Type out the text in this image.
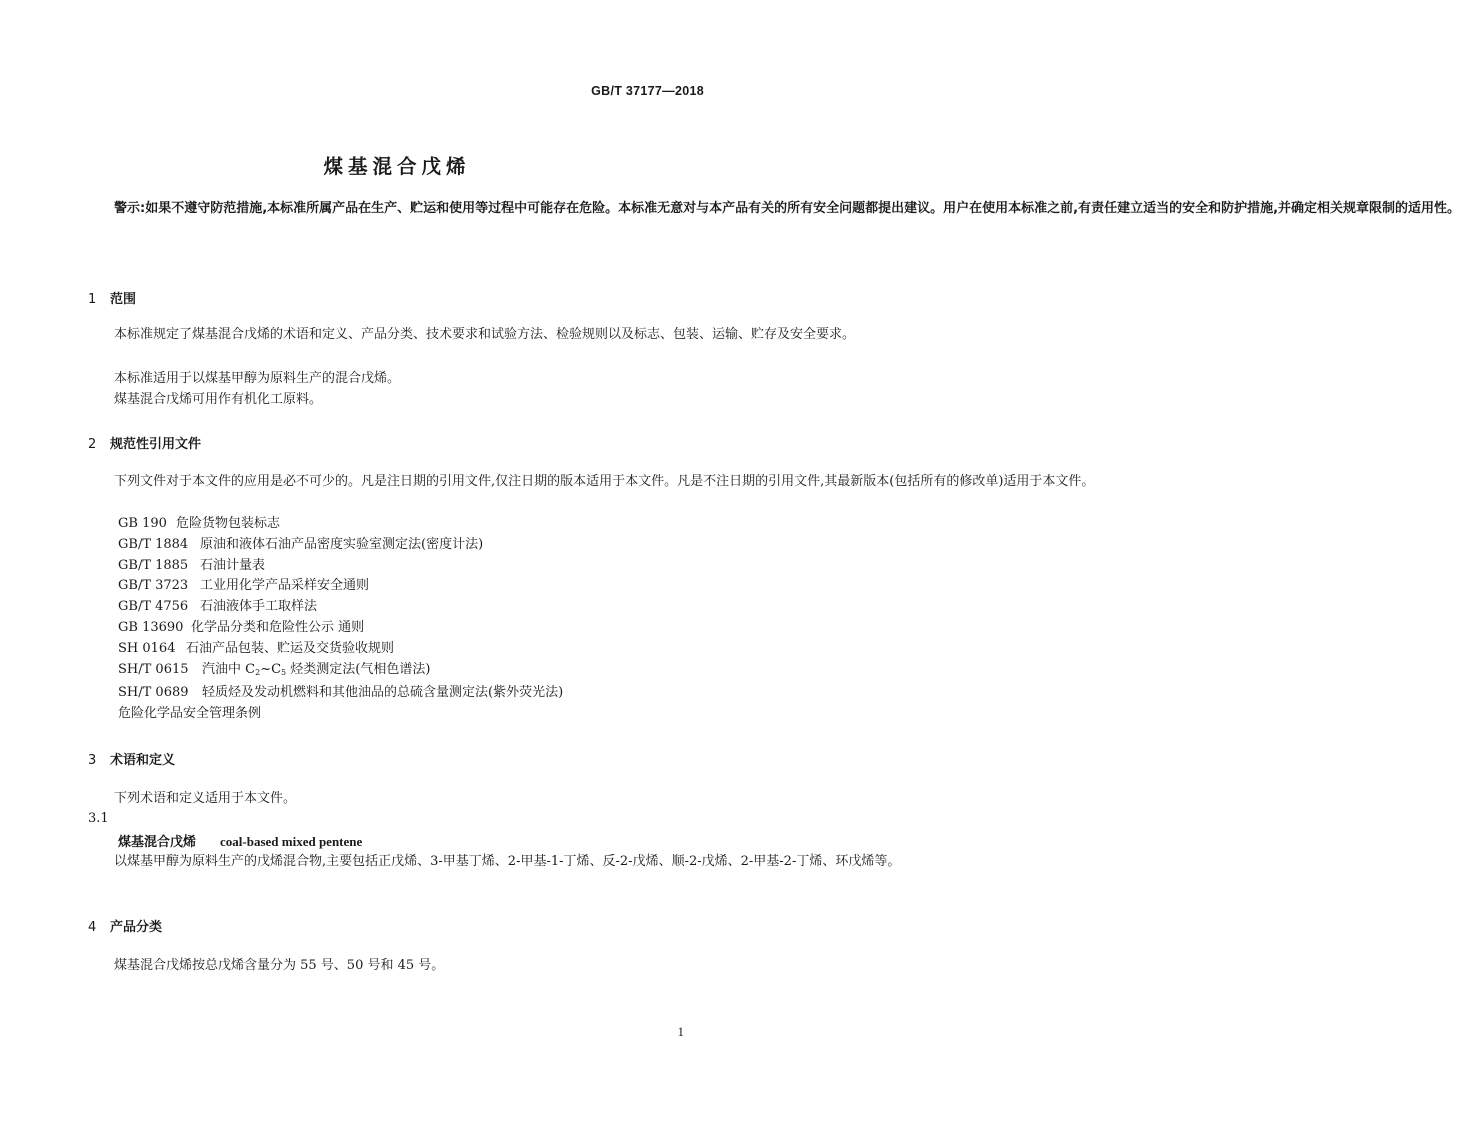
GB/T 37177—2018
煤基混合戊烯
警示:如果不遵守防范措施,本标准所属产品在生产、贮运和使用等过程中可能存在危险。本标准无意对与本产品有关的所有安全问题都提出建议。用户在使用本标准之前,有责任建立适当的安全和防护措施,并确定相关规章限制的适用性。
1 范围
本标准规定了煤基混合戊烯的术语和定义、产品分类、技术要求和试验方法、检验规则以及标志、包装、运输、贮存及安全要求。
本标准适用于以煤基甲醇为原料生产的混合戊烯。
煤基混合戊烯可用作有机化工原料。
2 规范性引用文件
下列文件对于本文件的应用是必不可少的。凡是注日期的引用文件,仅注日期的版本适用于本文件。凡是不注日期的引用文件,其最新版本(包括所有的修改单)适用于本文件。
GB 190 危险货物包装标志
GB/T 1884 原油和液体石油产品密度实验室测定法(密度计法)
GB/T 1885 石油计量表
GB/T 3723 工业用化学产品采样安全通则
GB/T 4756 石油液体手工取样法
GB 13690 化学品分类和危险性公示 通则
SH 0164 石油产品包装、贮运及交货验收规则
SH/T 0615 汽油中 $C_2\sim C_5$ 烃类测定法(气相色谱法)
SH/T 0689 轻质烃及发动机燃料和其他油品的总硫含量测定法(紫外荧光法)
危险化学品安全管理条例
3 术语和定义
下列术语和定义适用于本文件。
3.1
煤基混合戊烯 coal-based mixed pentene
以煤基甲醇为原料生产的戊烯混合物,主要包括正戊烯、3-甲基丁烯、2-甲基-1-丁烯、反-2-戊烯、顺-2-戊烯、2-甲基-2-丁烯、环戊烯等。
4 产品分类
煤基混合戊烯按总戊烯含量分为 55 号、50 号和 45 号。
1
